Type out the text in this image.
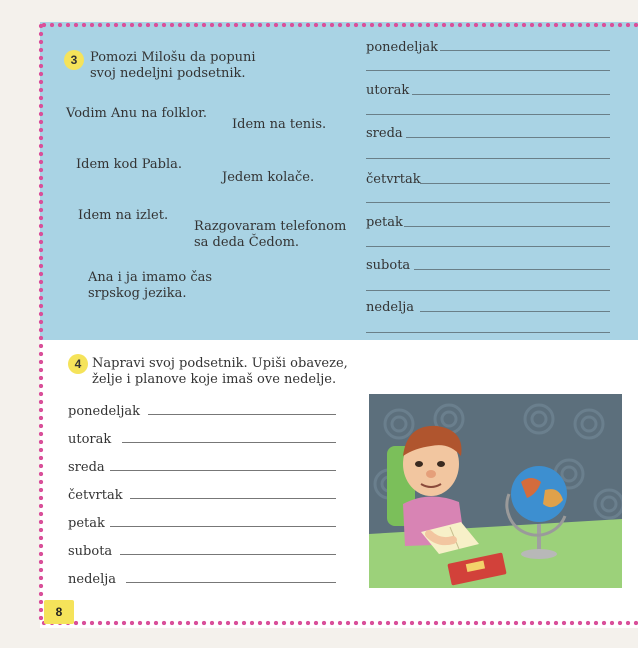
3 Pomozi Milošu da popuni
svoj nedeljni podsetnik.
Vodim Anu na folklor.
Idem na tenis.
Idem kod Pabla.
Jedem kolače.
Idem na izlet.
Razgovaram telefonom
sa deda Čedom.
Ana i ja imamo čas
srpskog jezika.
ponedeljak
utorak
sreda
četvrtak
petak
subota
nedelja
4 Napravi svoj podsetnik. Upiši obaveze,
želje i planove koje imaš ove nedelje.
ponedeljak
utorak
sreda
četvrtak
petak
subota
nedelja
8
